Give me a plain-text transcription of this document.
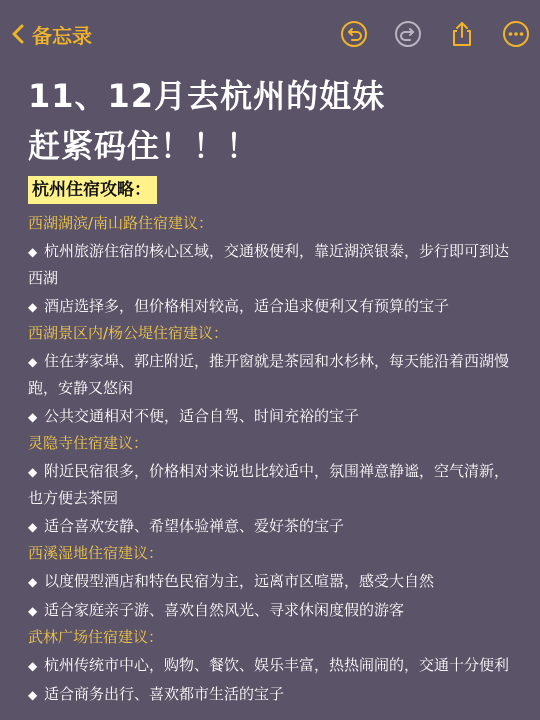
备忘录
11、12月去杭州的姐妹
赶紧码住！！！
杭州住宿攻略：
西湖湖滨/南山路住宿建议：
◆ 杭州旅游住宿的核心区域，交通极便利，靠近湖滨银泰，步行即可到达西湖
◆ 酒店选择多，但价格相对较高，适合追求便利又有预算的宝子
西湖景区内/杨公堤住宿建议：
◆ 住在茅家埠、郭庄附近，推开窗就是茶园和水杉林，每天能沿着西湖慢跑，安静又悠闲
◆ 公共交通相对不便，适合自驾、时间充裕的宝子
灵隐寺住宿建议：
◆ 附近民宿很多，价格相对来说也比较适中，氛围禅意静谧，空气清新，也方便去茶园
◆ 适合喜欢安静、希望体验禅意、爱好茶的宝子
西溪湿地住宿建议：
◆ 以度假型酒店和特色民宿为主，远离市区喧嚣，感受大自然
◆ 适合家庭亲子游、喜欢自然风光、寻求休闲度假的游客
武林广场住宿建议：
◆ 杭州传统市中心，购物、餐饮、娱乐丰富，热热闹闹的，交通十分便利
◆ 适合商务出行、喜欢都市生活的宝子
